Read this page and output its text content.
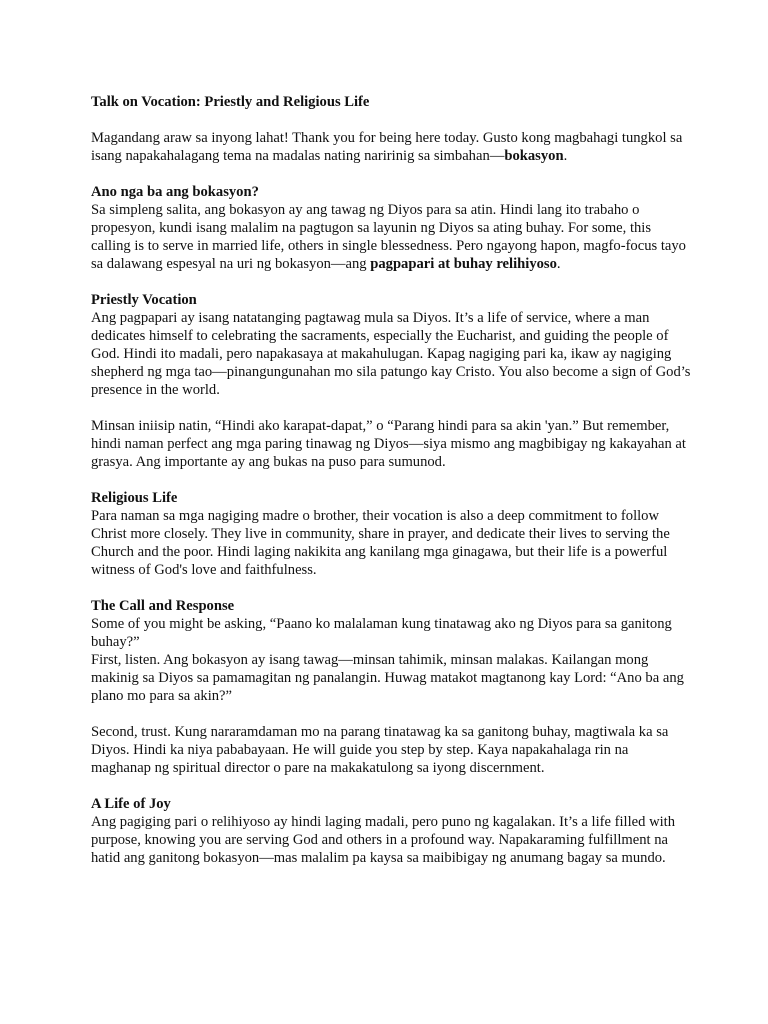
Talk on Vocation: Priestly and Religious Life

Magandang araw sa inyong lahat! Thank you for being here today. Gusto kong magbahagi tungkol sa isang napakahalagang tema na madalas nating naririnig sa simbahan—bokasyon.

Ano nga ba ang bokasyon?

Sa simpleng salita, ang bokasyon ay ang tawag ng Diyos para sa atin. Hindi lang ito trabaho o propesyon, kundi isang malalim na pagtugon sa layunin ng Diyos sa ating buhay. For some, this calling is to serve in married life, others in single blessedness. Pero ngayong hapon, magfo-focus tayo sa dalawang espesyal na uri ng bokasyon—ang pagpapari at buhay relihiyoso.

Priestly Vocation

Ang pagpapari ay isang natatanging pagtawag mula sa Diyos. It’s a life of service, where a man dedicates himself to celebrating the sacraments, especially the Eucharist, and guiding the people of God. Hindi ito madali, pero napakasaya at makahulugan. Kapag nagiging pari ka, ikaw ay nagiging shepherd ng mga tao—pinangungunahan mo sila patungo kay Cristo. You also become a sign of God’s presence in the world.

Minsan iniisip natin, “Hindi ako karapat-dapat,” o “Parang hindi para sa akin 'yan.” But remember, hindi naman perfect ang mga paring tinawag ng Diyos—siya mismo ang magbibigay ng kakayahan at grasya. Ang importante ay ang bukas na puso para sumunod.

Religious Life

Para naman sa mga nagiging madre o brother, their vocation is also a deep commitment to follow Christ more closely. They live in community, share in prayer, and dedicate their lives to serving the Church and the poor. Hindi laging nakikita ang kanilang mga ginagawa, but their life is a powerful witness of God's love and faithfulness.

The Call and Response

Some of you might be asking, “Paano ko malalaman kung tinatawag ako ng Diyos para sa ganitong buhay?”

First, listen. Ang bokasyon ay isang tawag—minsan tahimik, minsan malakas. Kailangan mong makinig sa Diyos sa pamamagitan ng panalangin. Huwag matakot magtanong kay Lord: “Ano ba ang plano mo para sa akin?”

Second, trust. Kung nararamdaman mo na parang tinatawag ka sa ganitong buhay, magtiwala ka sa Diyos. Hindi ka niya pababayaan. He will guide you step by step. Kaya napakahalaga rin na maghanap ng spiritual director o pare na makakatulong sa iyong discernment.

A Life of Joy

Ang pagiging pari o relihiyoso ay hindi laging madali, pero puno ng kagalakan. It’s a life filled with purpose, knowing you are serving God and others in a profound way. Napakaraming fulfillment na hatid ang ganitong bokasyon—mas malalim pa kaysa sa maibibigay ng anumang bagay sa mundo.
